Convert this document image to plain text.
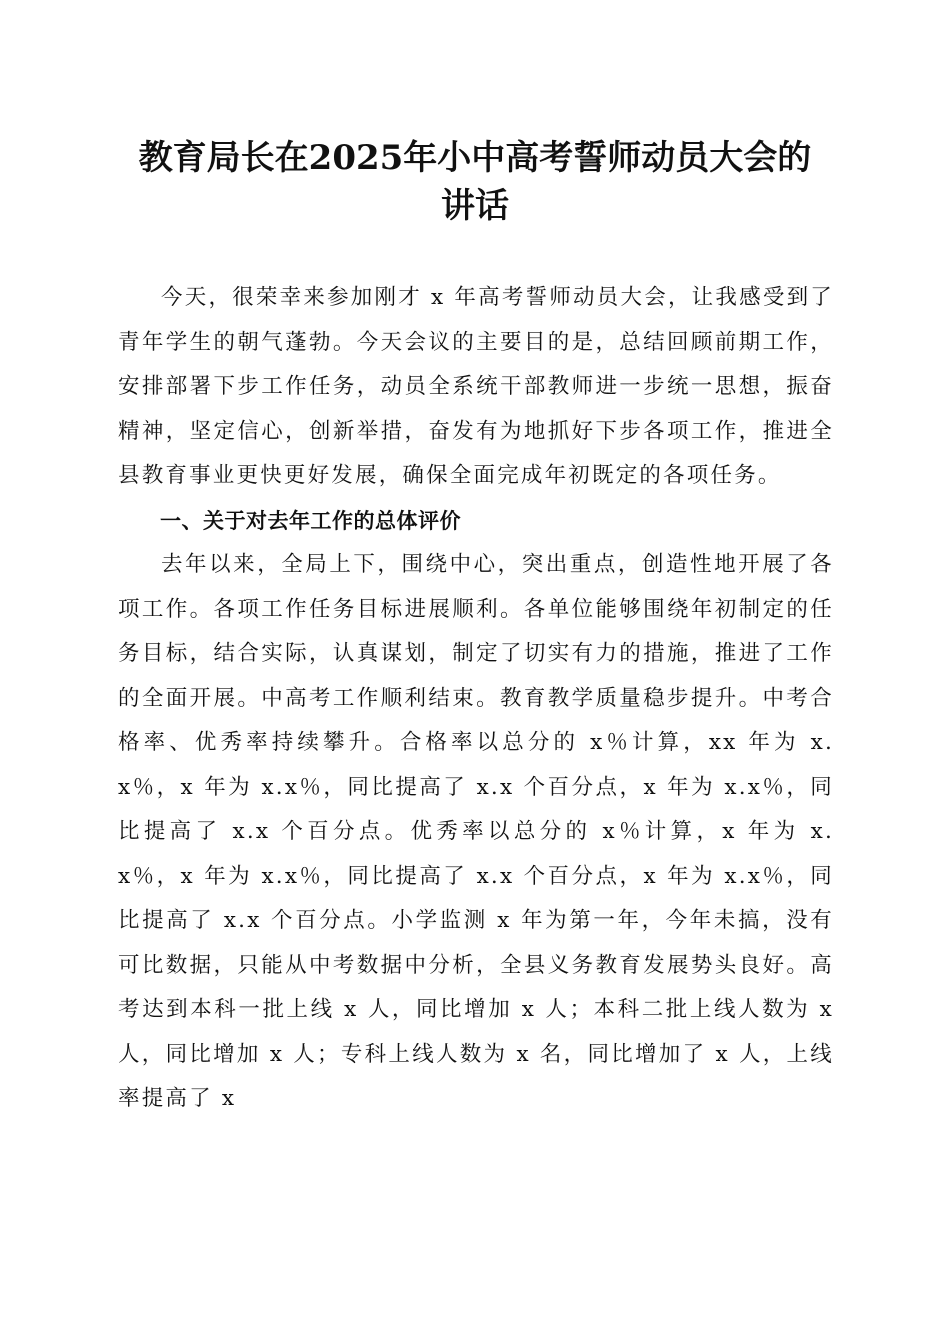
教育局长在2025年小中高考誓师动员大会的
讲话

今天，很荣幸来参加刚才 x 年高考誓师动员大会，让我感受到了青年学生的朝气蓬勃。今天会议的主要目的是，总结回顾前期工作，安排部署下步工作任务，动员全系统干部教师进一步统一思想，振奋精神，坚定信心，创新举措，奋发有为地抓好下步各项工作，推进全县教育事业更快更好发展，确保全面完成年初既定的各项任务。

一、关于对去年工作的总体评价

去年以来，全局上下，围绕中心，突出重点，创造性地开展了各项工作。各项工作任务目标进展顺利。各单位能够围绕年初制定的任务目标，结合实际，认真谋划，制定了切实有力的措施，推进了工作的全面开展。中高考工作顺利结束。教育教学质量稳步提升。中考合格率、优秀率持续攀升。合格率以总分的 x％计算，xx 年为 x.x％，x 年为 x.x％，同比提高了 x.x 个百分点，x 年为 x.x％，同比提高了 x.x 个百分点。优秀率以总分的 x％计算，x 年为 x.x％，x 年为 x.x％，同比提高了 x.x 个百分点，x 年为 x.x％，同比提高了 x.x 个百分点。小学监测 x 年为第一年，今年未搞，没有可比数据，只能从中考数据中分析，全县义务教育发展势头良好。高考达到本科一批上线 x 人，同比增加 x 人；本科二批上线人数为 x 人，同比增加 x 人；专科上线人数为 x 名，同比增加了 x 人，上线率提高了 x
